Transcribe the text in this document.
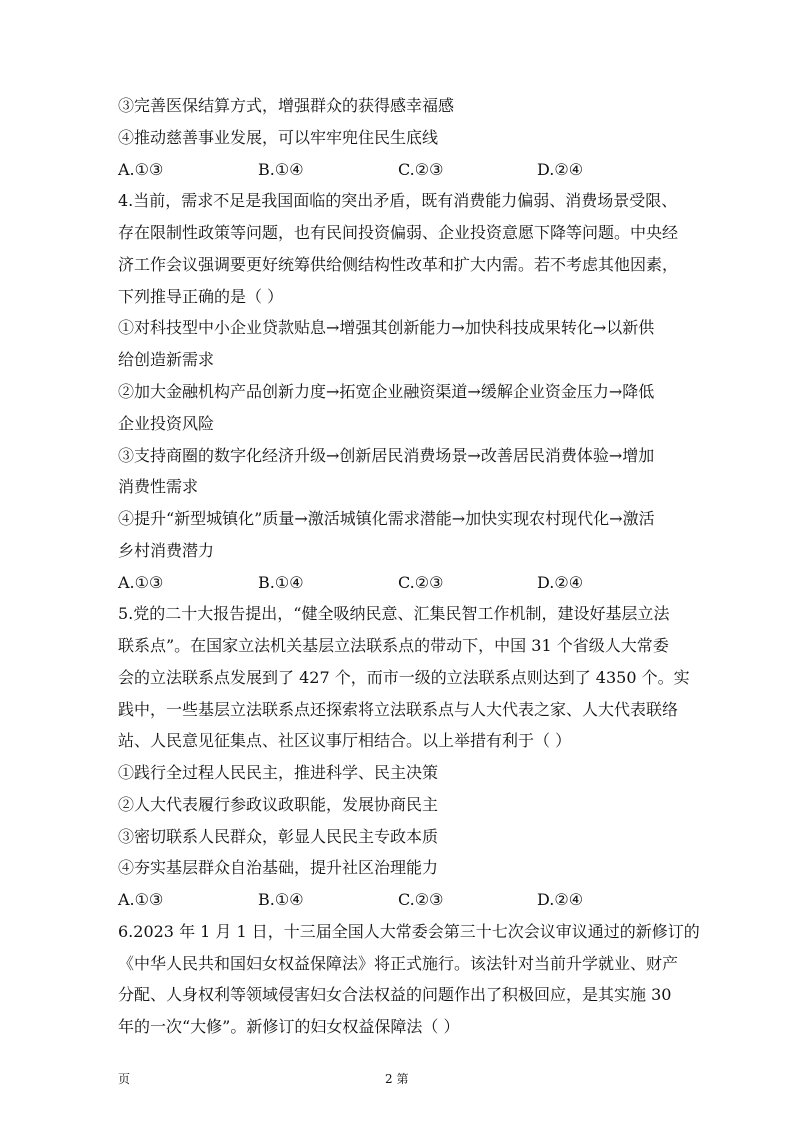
③完善医保结算方式，增强群众的获得感幸福感
④推动慈善事业发展，可以牢牢兜住民生底线
A.①③	B.①④	C.②③	D.②④
4.当前，需求不足是我国面临的突出矛盾，既有消费能力偏弱、消费场景受限、
存在限制性政策等问题，也有民间投资偏弱、企业投资意愿下降等问题。中央经
济工作会议强调要更好统筹供给侧结构性改革和扩大内需。若不考虑其他因素，
下列推导正确的是（ ）
①对科技型中小企业贷款贴息→增强其创新能力→加快科技成果转化→以新供
给创造新需求
②加大金融机构产品创新力度→拓宽企业融资渠道→缓解企业资金压力→降低
企业投资风险
③支持商圈的数字化经济升级→创新居民消费场景→改善居民消费体验→增加
消费性需求
④提升“新型城镇化”质量→激活城镇化需求潜能→加快实现农村现代化→激活
乡村消费潜力
A.①③	B.①④	C.②③	D.②④
5.党的二十大报告提出，“健全吸纳民意、汇集民智工作机制，建设好基层立法
联系点”。在国家立法机关基层立法联系点的带动下，中国 31 个省级人大常委
会的立法联系点发展到了 427 个，而市一级的立法联系点则达到了 4350 个。实
践中，一些基层立法联系点还探索将立法联系点与人大代表之家、人大代表联络
站、人民意见征集点、社区议事厅相结合。以上举措有利于（ ）
①践行全过程人民民主，推进科学、民主决策
②人大代表履行参政议政职能，发展协商民主
③密切联系人民群众，彰显人民民主专政本质
④夯实基层群众自治基础，提升社区治理能力
A.①③	B.①④	C.②③	D.②④
6.2023 年 1 月 1 日，十三届全国人大常委会第三十七次会议审议通过的新修订的
《中华人民共和国妇女权益保障法》将正式施行。该法针对当前升学就业、财产
分配、人身权利等领域侵害妇女合法权益的问题作出了积极回应，是其实施 30
年的一次“大修”。新修订的妇女权益保障法（ ）
页	2 第
